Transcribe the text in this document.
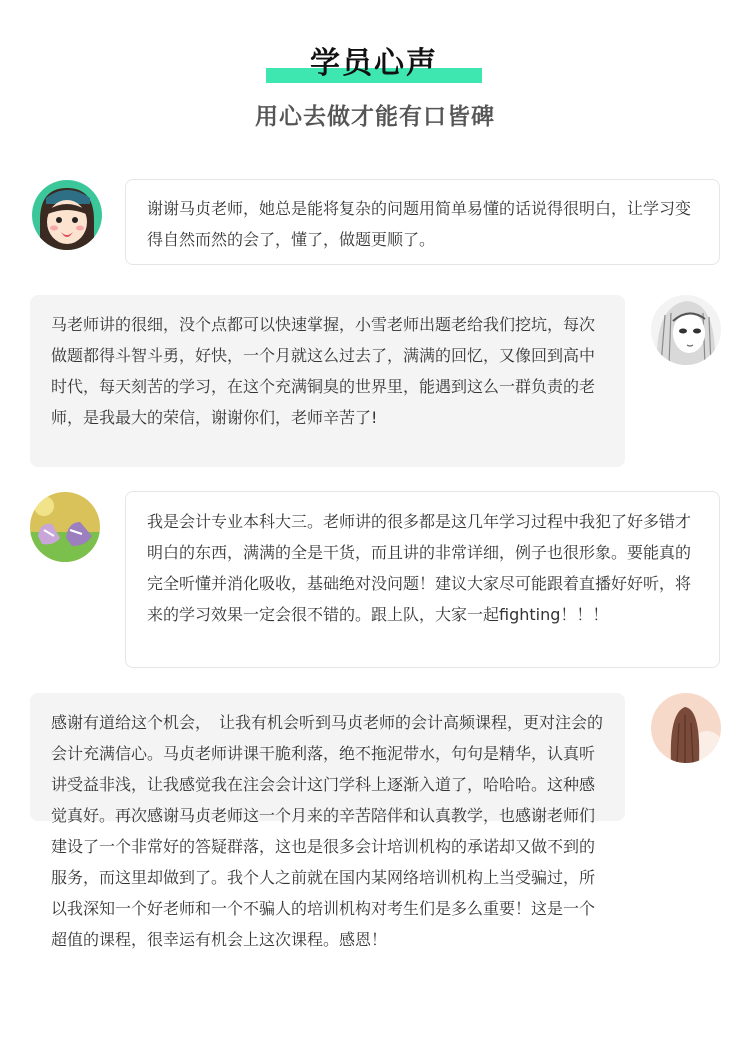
学员心声
用心去做才能有口皆碑

谢谢马贞老师，她总是能将复杂的问题用简单易懂的话说得很明白，让学习变得自然而然的会了，懂了，做题更顺了。

马老师讲的很细，没个点都可以快速掌握，小雪老师出题老给我们挖坑，每次做题都得斗智斗勇，好快，一个月就这么过去了，满满的回忆，又像回到高中时代，每天刻苦的学习，在这个充满铜臭的世界里，能遇到这么一群负责的老师，是我最大的荣信，谢谢你们，老师辛苦了!

我是会计专业本科大三。老师讲的很多都是这几年学习过程中我犯了好多错才明白的东西，满满的全是干货，而且讲的非常详细，例子也很形象。要能真的完全听懂并消化吸收，基础绝对没问题！建议大家尽可能跟着直播好好听，将来的学习效果一定会很不错的。跟上队，大家一起fighting！！！

感谢有道给这个机会，　让我有机会听到马贞老师的会计高频课程，更对注会的会计充满信心。马贞老师讲课干脆利落，绝不拖泥带水，句句是精华，认真听讲受益非浅，让我感觉我在注会会计这门学科上逐渐入道了，哈哈哈。这种感觉真好。再次感谢马贞老师这一个月来的辛苦陪伴和认真教学，也感谢老师们建设了一个非常好的答疑群落，这也是很多会计培训机构的承诺却又做不到的服务，而这里却做到了。我个人之前就在国内某网络培训机构上当受骗过，所以我深知一个好老师和一个不骗人的培训机构对考生们是多么重要！这是一个超值的课程，很幸运有机会上这次课程。感恩！
